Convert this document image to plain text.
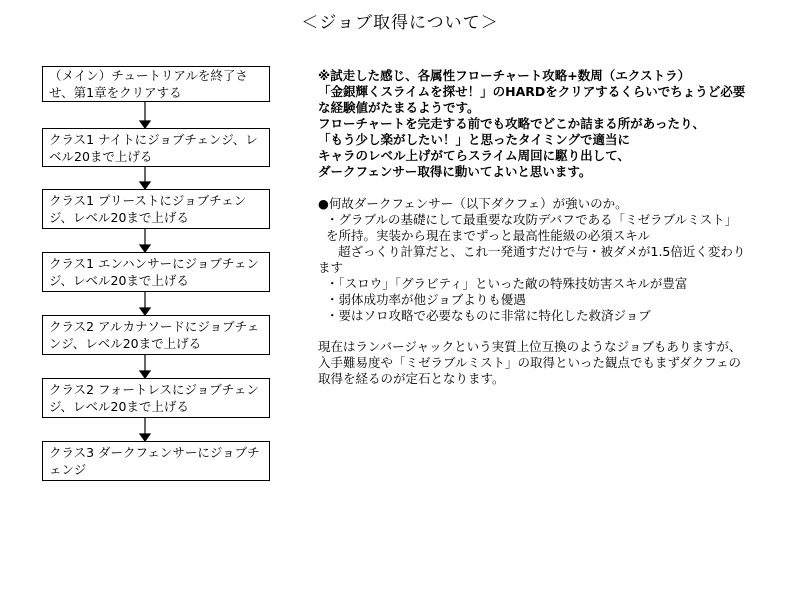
＜ジョブ取得について＞
（メイン）チュートリアルを終了させ、第1章をクリアする
クラス1 ナイトにジョブチェンジ、レベル20まで上げる
クラス1 プリーストにジョブチェンジ、レベル20まで上げる
クラス1 エンハンサーにジョブチェンジ、レベル20まで上げる
クラス2 アルカナソードにジョブチェンジ、レベル20まで上げる
クラス2 フォートレスにジョブチェンジ、レベル20まで上げる
クラス3 ダークフェンサーにジョブチェンジ

※試走した感じ、各属性フローチャート攻略+数周（エクストラ）

「金銀輝くスライムを探せ！」のHARDをクリアするくらいでちょうど必要

な経験値がたまるようです。

フローチャートを完走する前でも攻略でどこか詰まる所があったり、

「もう少し楽がしたい！」と思ったタイミングで適当に

キャラのレベル上げがてらスライム周回に駆り出して、

ダークフェンサー取得に動いてよいと思います。

●何故ダークフェンサー（以下ダクフェ）が強いのか。

・グラブルの基礎にして最重要な攻防デバフである「ミゼラブルミスト」

を所持。実装から現在までずっと最高性能級の必須スキル

超ざっくり計算だと、これ一発通すだけで与・被ダメが1.5倍近く変わり

ます

・「スロウ」「グラビティ」といった敵の特殊技妨害スキルが豊富

・弱体成功率が他ジョブよりも優遇

・要はソロ攻略で必要なものに非常に特化した救済ジョブ

現在はランバージャックという実質上位互換のようなジョブもありますが、

入手難易度や「ミゼラブルミスト」の取得といった観点でもまずダクフェの

取得を経るのが定石となります。
